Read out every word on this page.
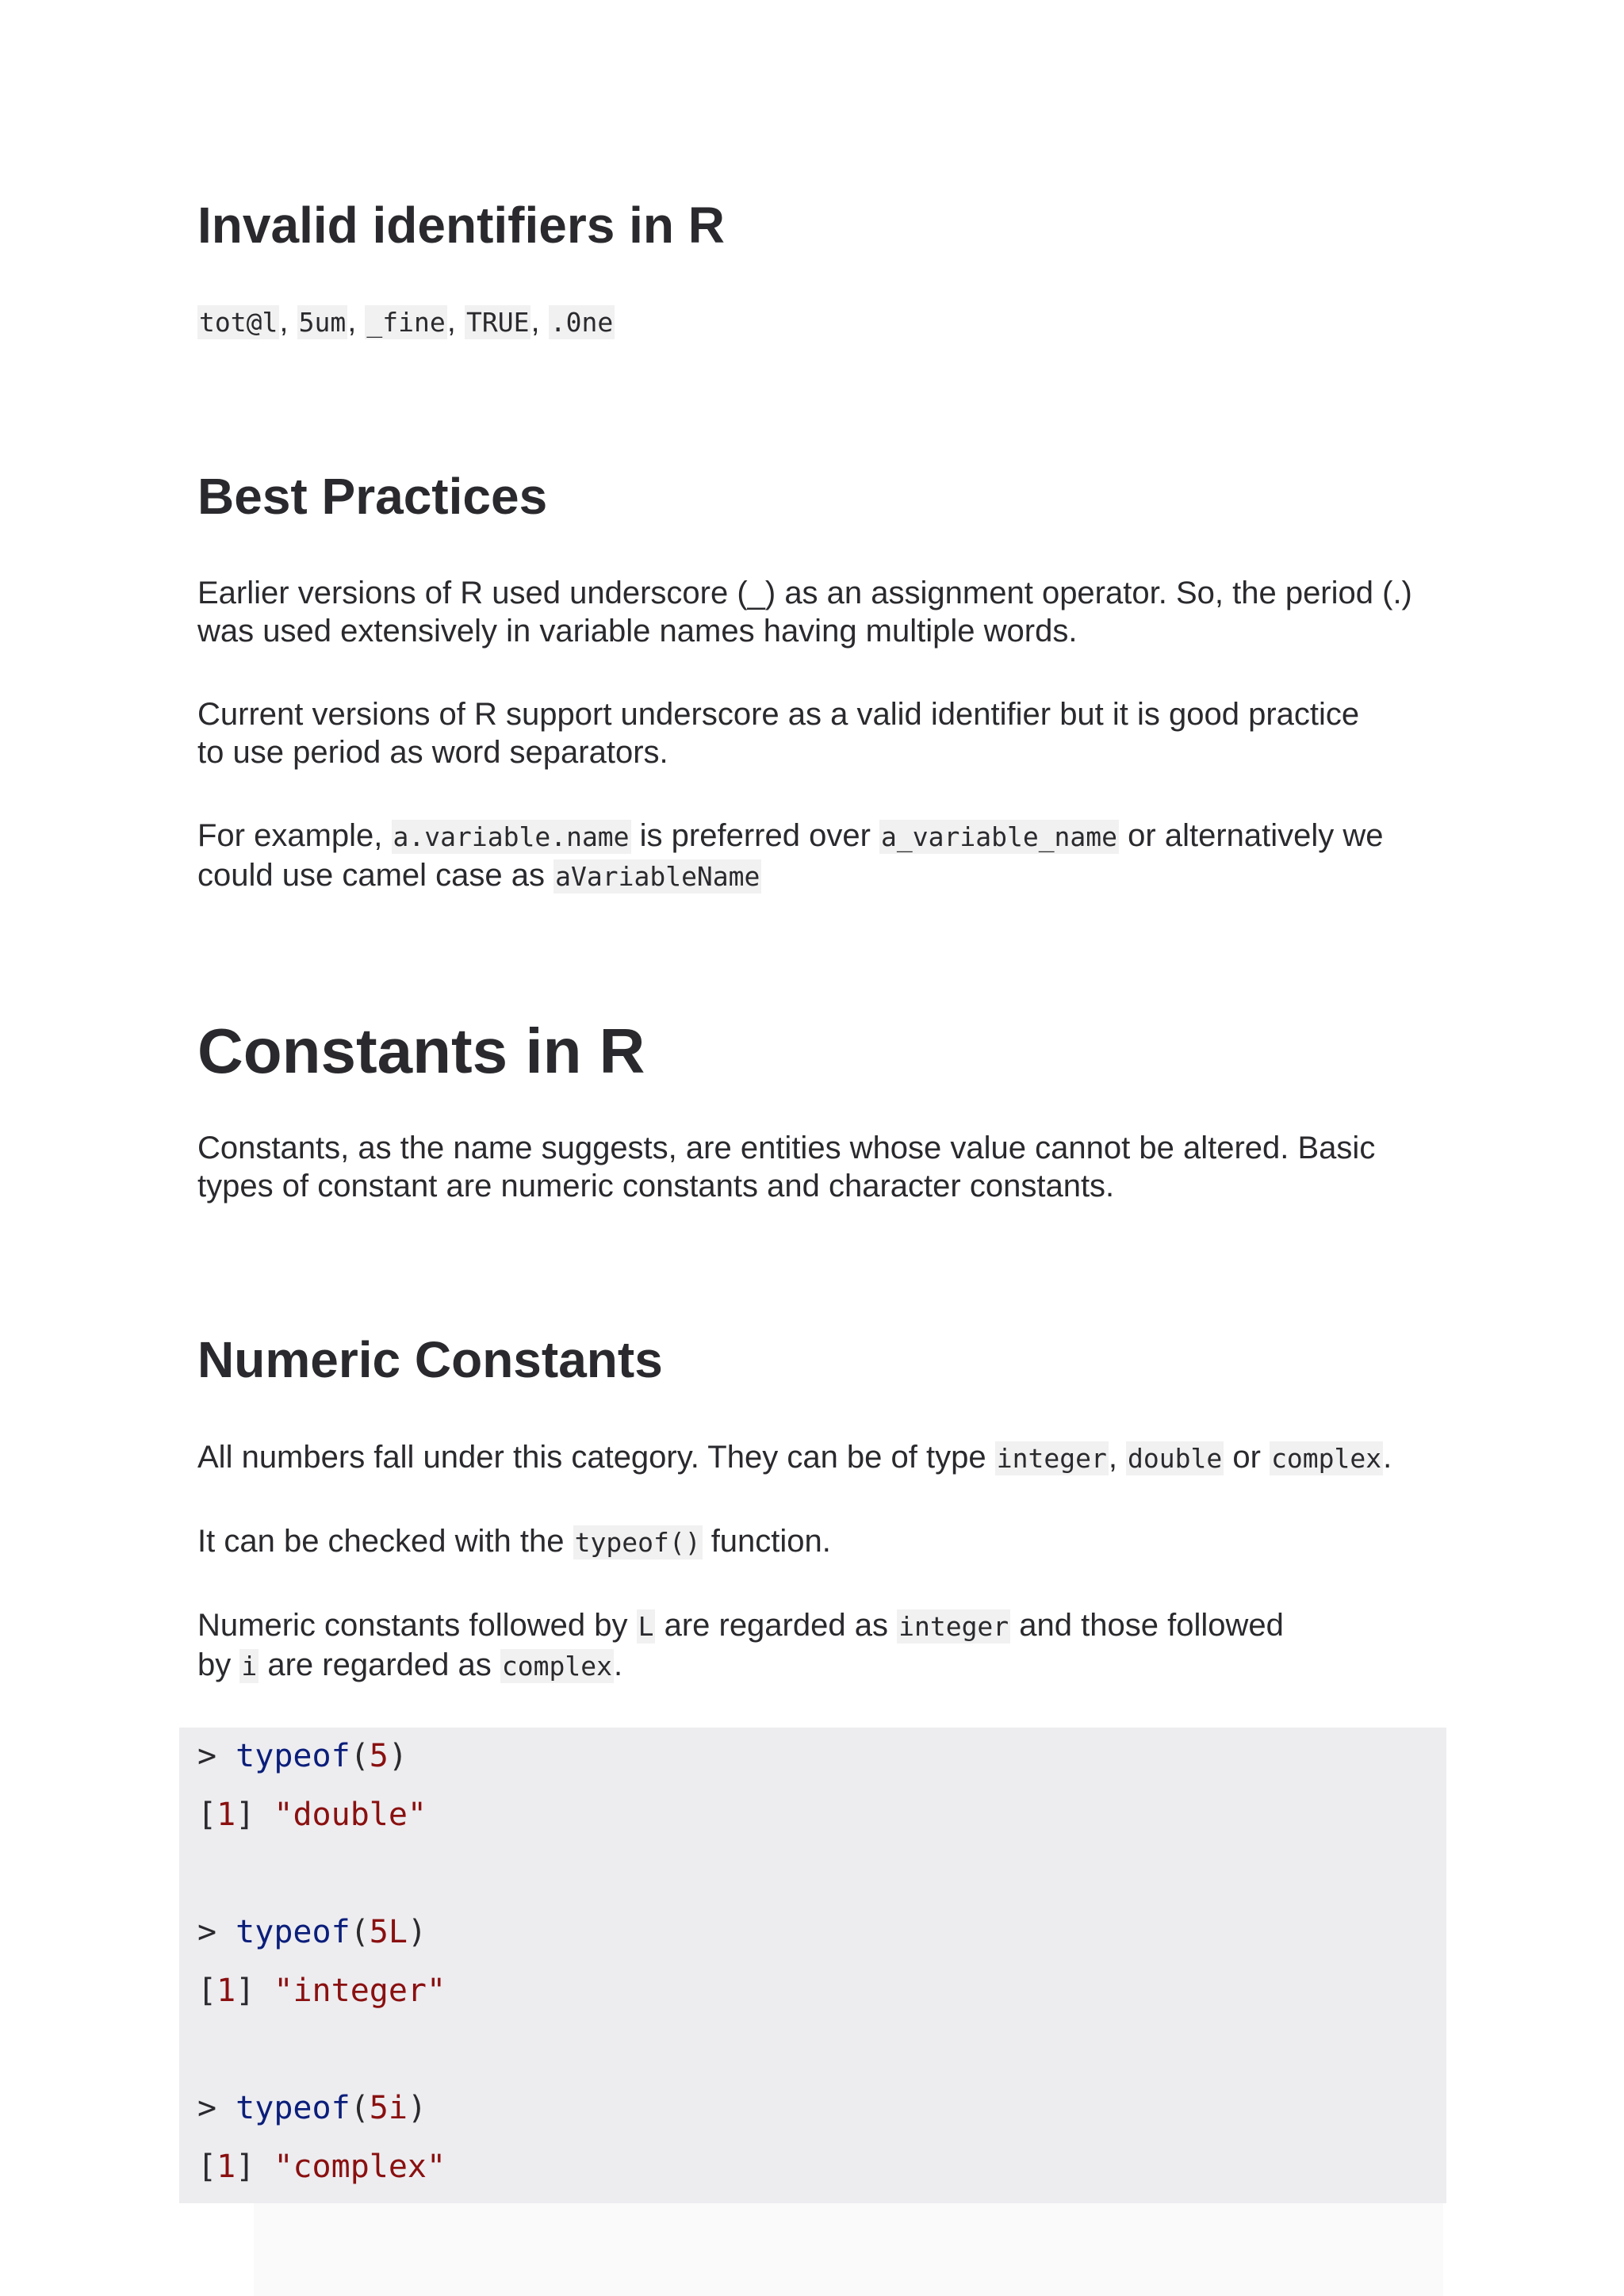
Invalid identifiers in R

tot@l, 5um, _fine, TRUE, .0ne

Best Practices

Earlier versions of R used underscore (_) as an assignment operator. So, the period (.) was used extensively in variable names having multiple words.

Current versions of R support underscore as a valid identifier but it is good practice
to use period as word separators.

For example, a.variable.name is preferred over a_variable_name or alternatively we
could use camel case as aVariableName

Constants in R

Constants, as the name suggests, are entities whose value cannot be altered. Basic
types of constant are numeric constants and character constants.

Numeric Constants

All numbers fall under this category. They can be of type integer, double or complex.

It can be checked with the typeof() function.

Numeric constants followed by L are regarded as integer and those followed
by i are regarded as complex.

> typeof(5)
[1] "double"
> typeof(5L)
[1] "integer"
> typeof(5i)
[1] "complex"
